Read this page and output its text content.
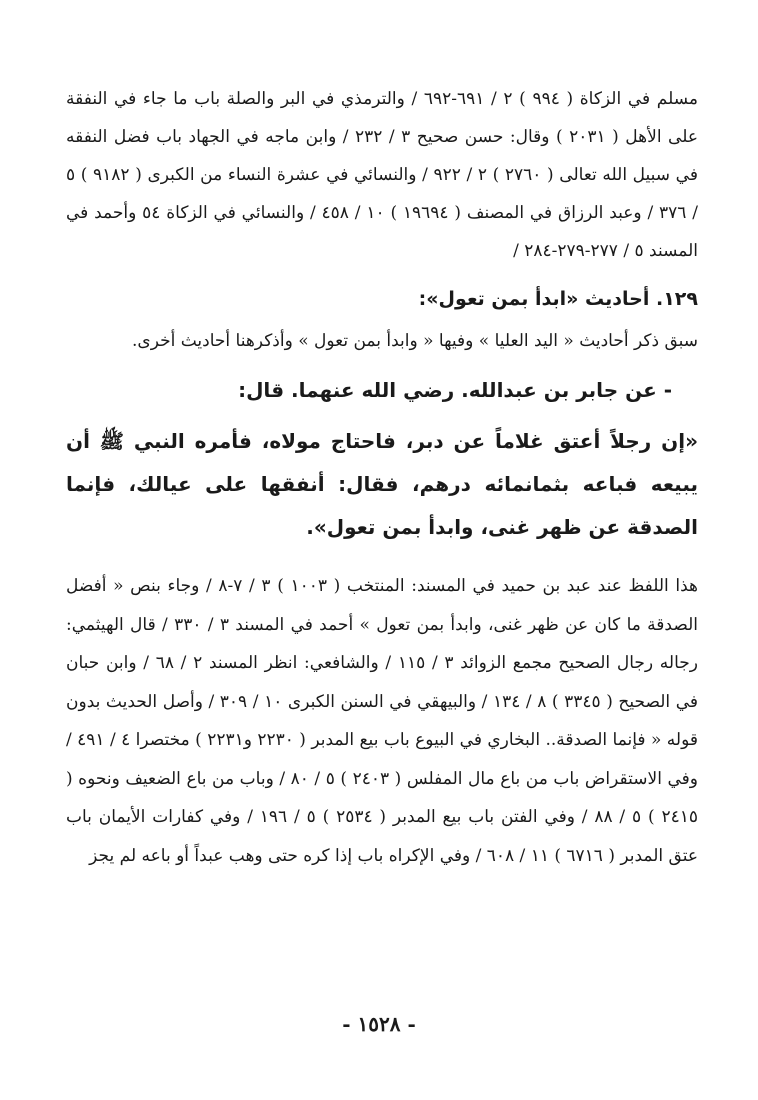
مسلم في الزكاة ( ٩٩٤ ) ٢ / ٦٩١-٦٩٢ / والترمذي في البر والصلة باب ما جاء في النفقة على الأهل ( ٢٠٣١ ) وقال: حسن صحيح ٣ / ٢٣٢ / وابن ماجه في الجهاد باب فضل النفقه في سبيل الله تعالى ( ٢٧٦٠ ) ٢ / ٩٢٢ / والنسائي في عشرة النساء من الكبرى ( ٩١٨٢ ) ٥ / ٣٧٦ / وعبد الرزاق في المصنف ( ١٩٦٩٤ ) ١٠ / ٤٥٨ / والنسائي في الزكاة ٥٤ وأحمد في المسند ٥ / ٢٧٧-٢٧٩-٢٨٤ /

١٢٩. أحاديث «ابدأ بمن تعول»:

سبق ذكر أحاديث « اليد العليا » وفيها « وابدأ بمن تعول » وأذكرهنا أحاديث أخرى.

- عن جابر بن عبدالله. رضي الله عنهما. قال:

«إن رجلاً أعتق غلاماً عن دبر، فاحتاج مولاه، فأمره النبي ﷺ أن يبيعه فباعه بثمانمائه درهم، فقال: أنفقها على عيالك، فإنما الصدقة عن ظهر غنى، وابدأ بمن تعول».

هذا اللفظ عند عبد بن حميد في المسند: المنتخب ( ١٠٠٣ ) ٣ / ٧-٨ / وجاء بنص « أفضل الصدقة ما كان عن ظهر غنى، وابدأ بمن تعول » أحمد في المسند ٣ / ٣٣٠ / قال الهيثمي: رجاله رجال الصحيح مجمع الزوائد ٣ / ١١٥ / والشافعي: انظر المسند ٢ / ٦٨ / وابن حبان في الصحيح ( ٣٣٤٥ ) ٨ / ١٣٤ / والبيهقي في السنن الكبرى ١٠ / ٣٠٩ / وأصل الحديث بدون قوله « فإنما الصدقة.. البخاري في البيوع باب بيع المدبر ( ٢٢٣٠ و٢٢٣١ ) مختصرا ٤ / ٤٩١ / وفي الاستقراض باب من باع مال المفلس ( ٢٤٠٣ ) ٥ / ٨٠ / وباب من باع الضعيف ونحوه ( ٢٤١٥ ) ٥ / ٨٨ / وفي الفتن باب بيع المدبر ( ٢٥٣٤ ) ٥ / ١٩٦ / وفي كفارات الأيمان باب عتق المدبر ( ٦٧١٦ ) ١١ / ٦٠٨ / وفي الإكراه باب إذا كره حتى وهب عبداً أو باعه لم يجز

- ١٥٢٨ -
